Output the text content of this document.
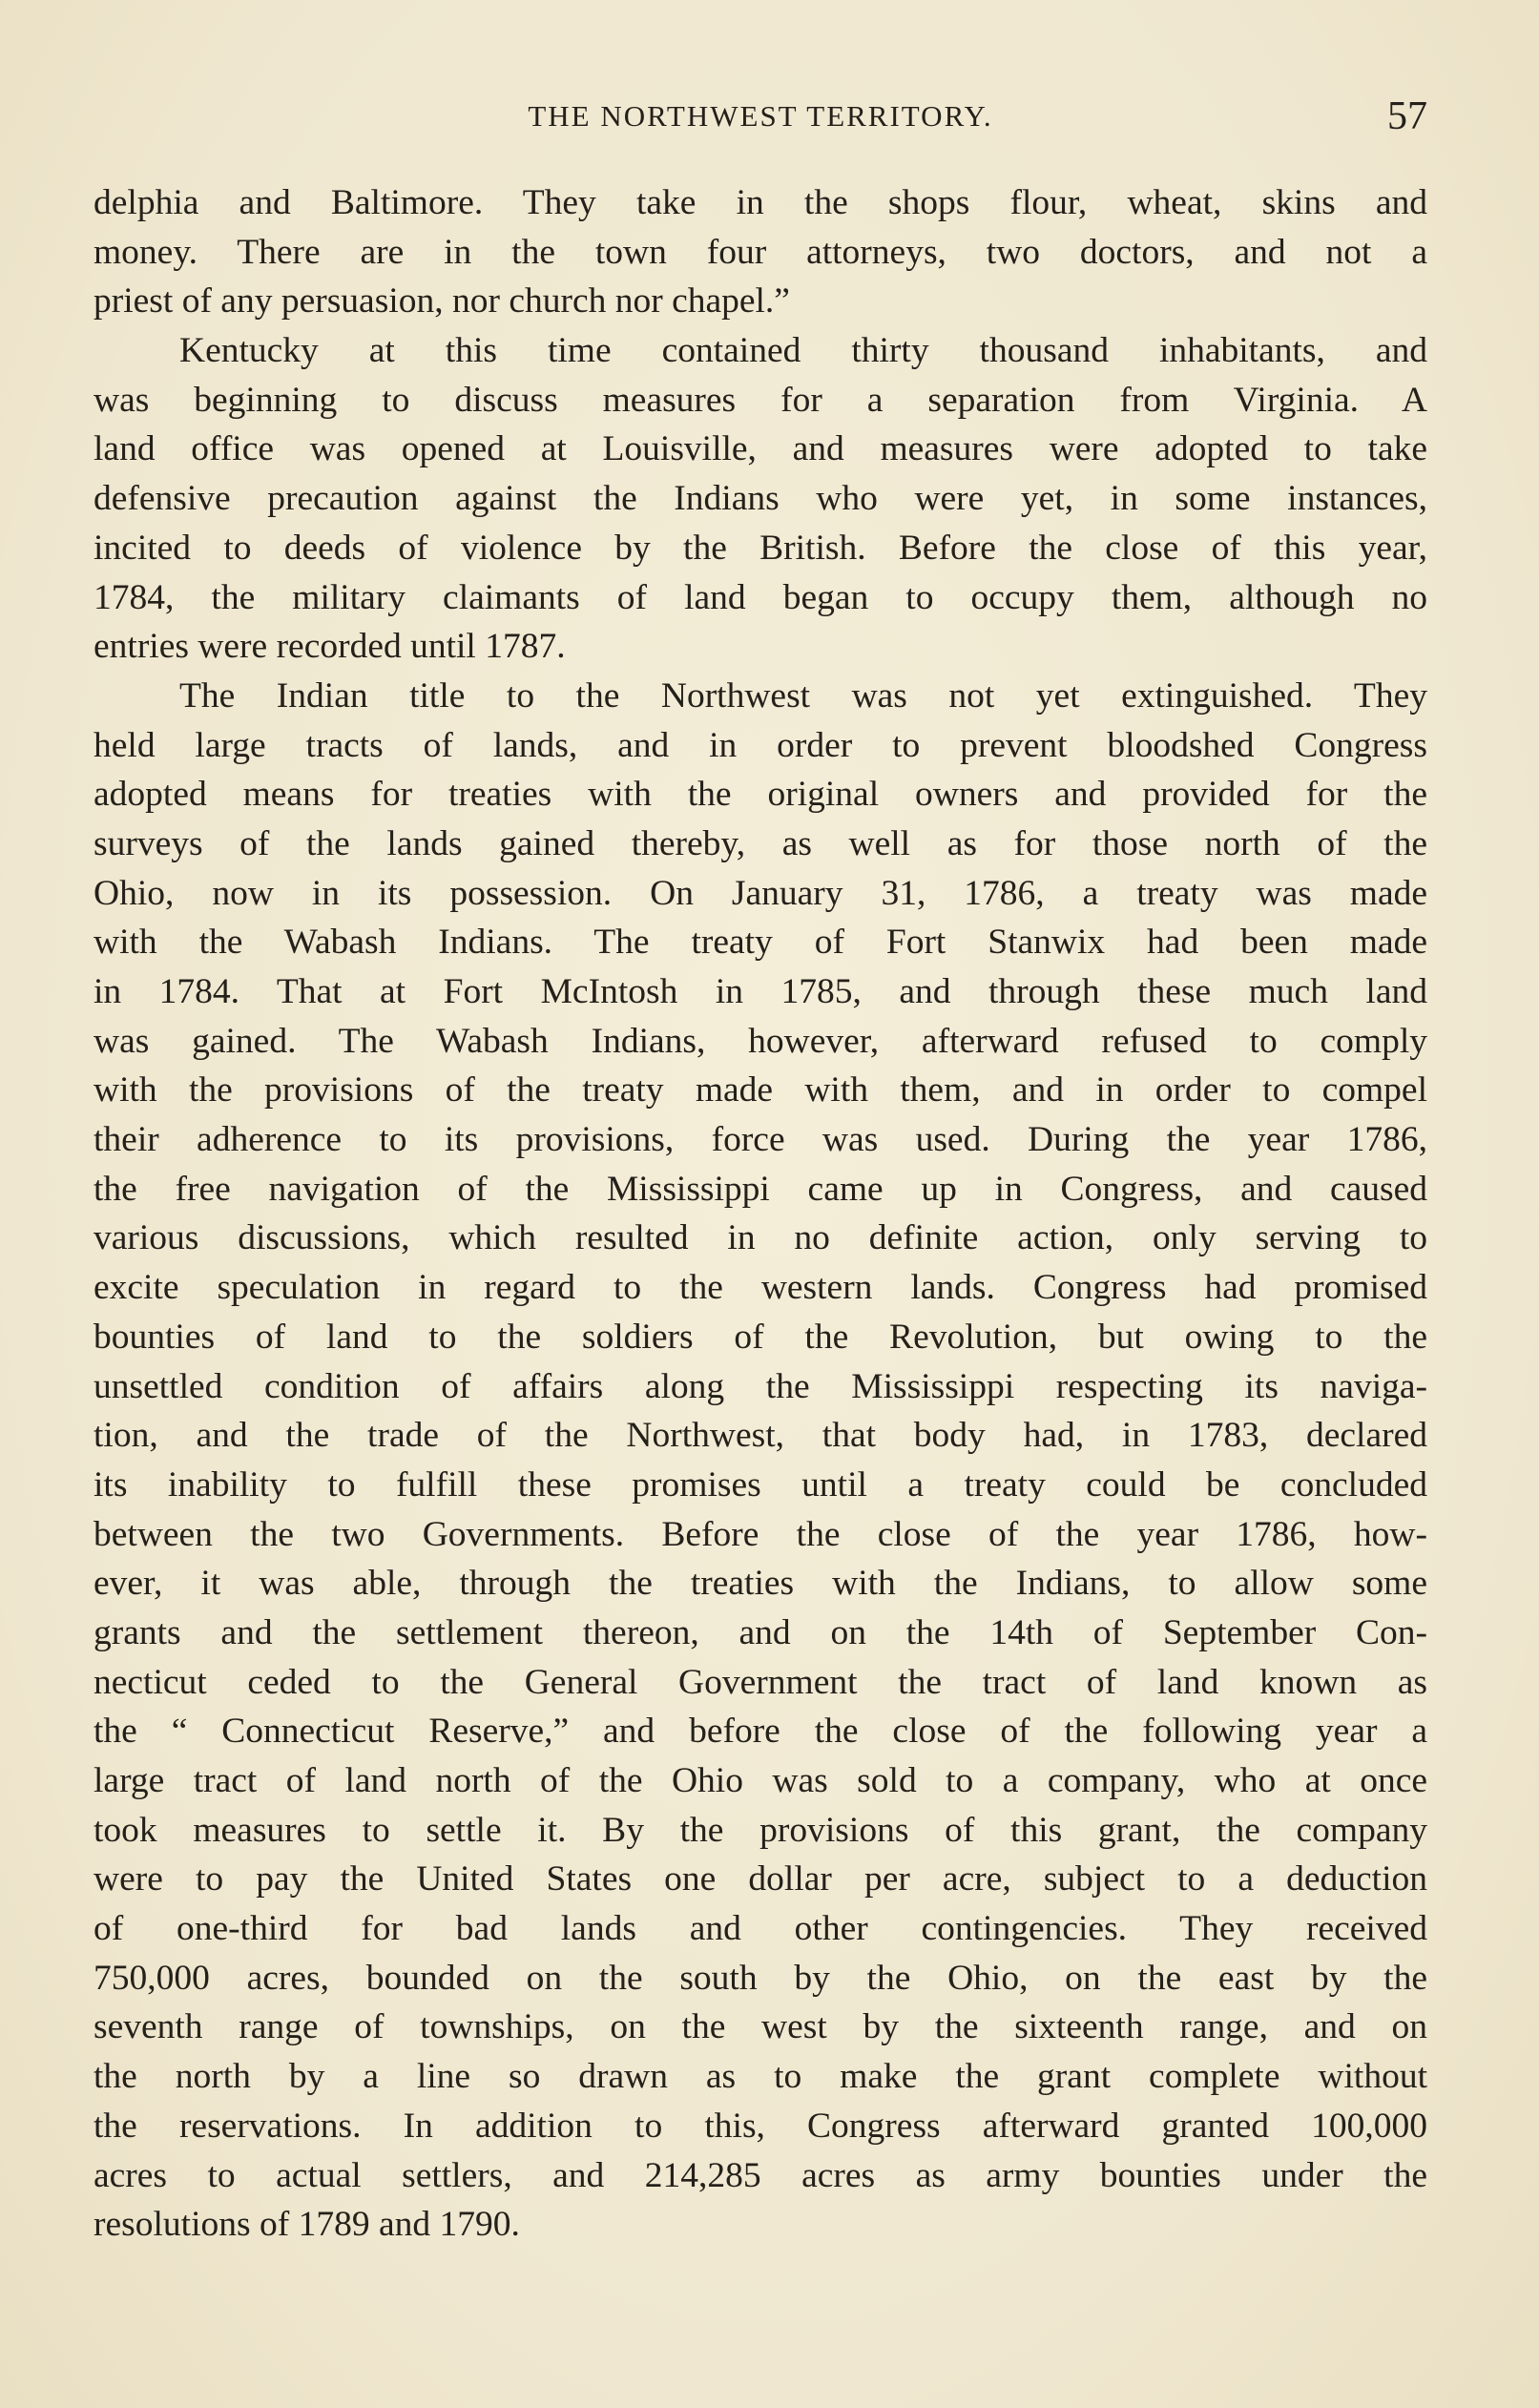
THE NORTHWEST TERRITORY.	57
delphia and Baltimore. They take in the shops flour, wheat, skins and
money. There are in the town four attorneys, two doctors, and not a
priest of any persuasion, nor church nor chapel.”
Kentucky at this time contained thirty thousand inhabitants, and
was beginning to discuss measures for a separation from Virginia. A
land office was opened at Louisville, and measures were adopted to take
defensive precaution against the Indians who were yet, in some instances,
incited to deeds of violence by the British. Before the close of this year,
1784, the military claimants of land began to occupy them, although no
entries were recorded until 1787.
The Indian title to the Northwest was not yet extinguished. They
held large tracts of lands, and in order to prevent bloodshed Congress
adopted means for treaties with the original owners and provided for the
surveys of the lands gained thereby, as well as for those north of the
Ohio, now in its possession. On January 31, 1786, a treaty was made
with the Wabash Indians. The treaty of Fort Stanwix had been made
in 1784. That at Fort McIntosh in 1785, and through these much land
was gained. The Wabash Indians, however, afterward refused to comply
with the provisions of the treaty made with them, and in order to compel
their adherence to its provisions, force was used. During the year 1786,
the free navigation of the Mississippi came up in Congress, and caused
various discussions, which resulted in no definite action, only serving to
excite speculation in regard to the western lands. Congress had promised
bounties of land to the soldiers of the Revolution, but owing to the
unsettled condition of affairs along the Mississippi respecting its naviga-
tion, and the trade of the Northwest, that body had, in 1783, declared
its inability to fulfill these promises until a treaty could be concluded
between the two Governments. Before the close of the year 1786, how-
ever, it was able, through the treaties with the Indians, to allow some
grants and the settlement thereon, and on the 14th of September Con-
necticut ceded to the General Government the tract of land known as
the “ Connecticut Reserve,” and before the close of the following year a
large tract of land north of the Ohio was sold to a company, who at once
took measures to settle it. By the provisions of this grant, the company
were to pay the United States one dollar per acre, subject to a deduction
of one-third for bad lands and other contingencies. They received
750,000 acres, bounded on the south by the Ohio, on the east by the
seventh range of townships, on the west by the sixteenth range, and on
the north by a line so drawn as to make the grant complete without
the reservations. In addition to this, Congress afterward granted 100,000
acres to actual settlers, and 214,285 acres as army bounties under the
resolutions of 1789 and 1790.
